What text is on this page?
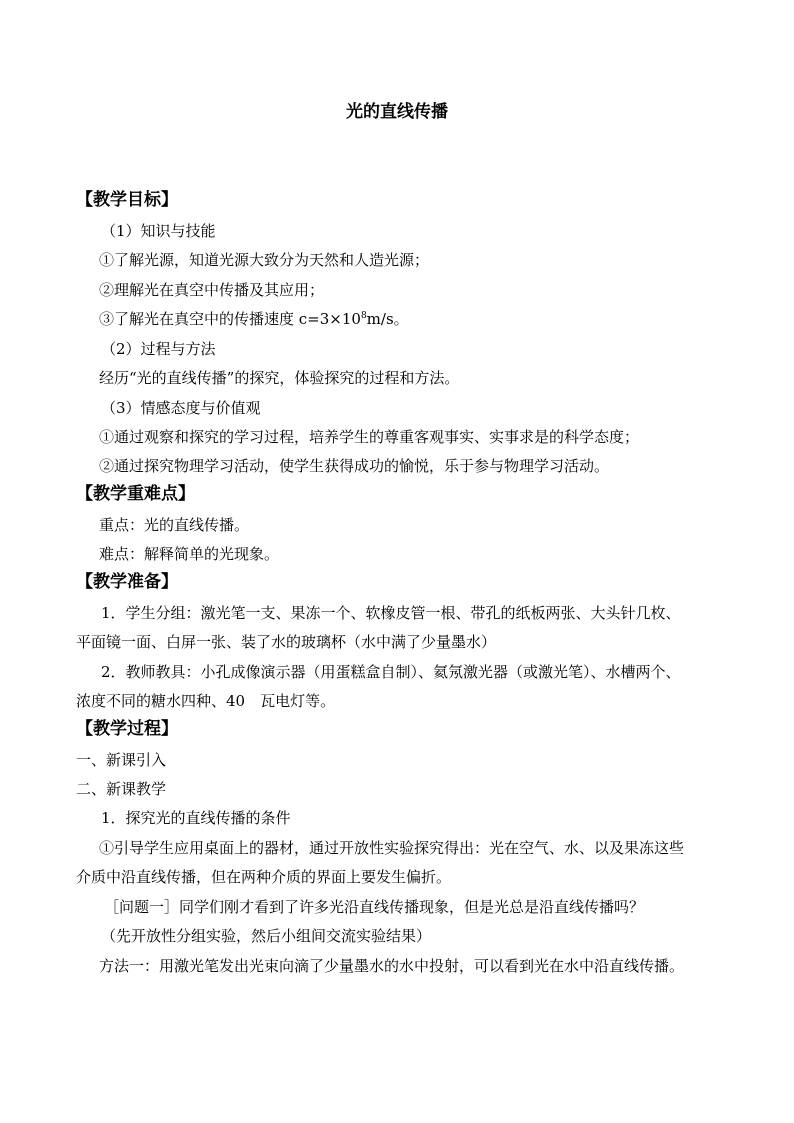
光的直线传播
【教学目标】
（1）知识与技能
①了解光源，知道光源大致分为天然和人造光源；
②理解光在真空中传播及其应用；
③了解光在真空中的传播速度 $c=3\times 10^8m/s$。
（2）过程与方法
经历“光的直线传播”的探究，体验探究的过程和方法。
（3）情感态度与价值观
①通过观察和探究的学习过程，培养学生的尊重客观事实、实事求是的科学态度；
②通过探究物理学习活动，使学生获得成功的愉悦，乐于参与物理学习活动。
【教学重难点】
重点：光的直线传播。
难点：解释简单的光现象。
【教学准备】
1．学生分组：激光笔一支、果冻一个、软橡皮管一根、带孔的纸板两张、大头针几枚、
平面镜一面、白屏一张、装了水的玻璃杯（水中满了少量墨水）
2．教师教具：小孔成像演示器（用蛋糕盒自制）、氦氖激光器（或激光笔）、水槽两个、
浓度不同的糖水四种、40　瓦电灯等。
【教学过程】
一、新课引入
二、新课教学
1．探究光的直线传播的条件
①引导学生应用桌面上的器材，通过开放性实验探究得出：光在空气、水、以及果冻这些
介质中沿直线传播，但在两种介质的界面上要发生偏折。
［问题一］同学们刚才看到了许多光沿直线传播现象，但是光总是沿直线传播吗？
（先开放性分组实验，然后小组间交流实验结果）
方法一：用激光笔发出光束向滴了少量墨水的水中投射，可以看到光在水中沿直线传播。
